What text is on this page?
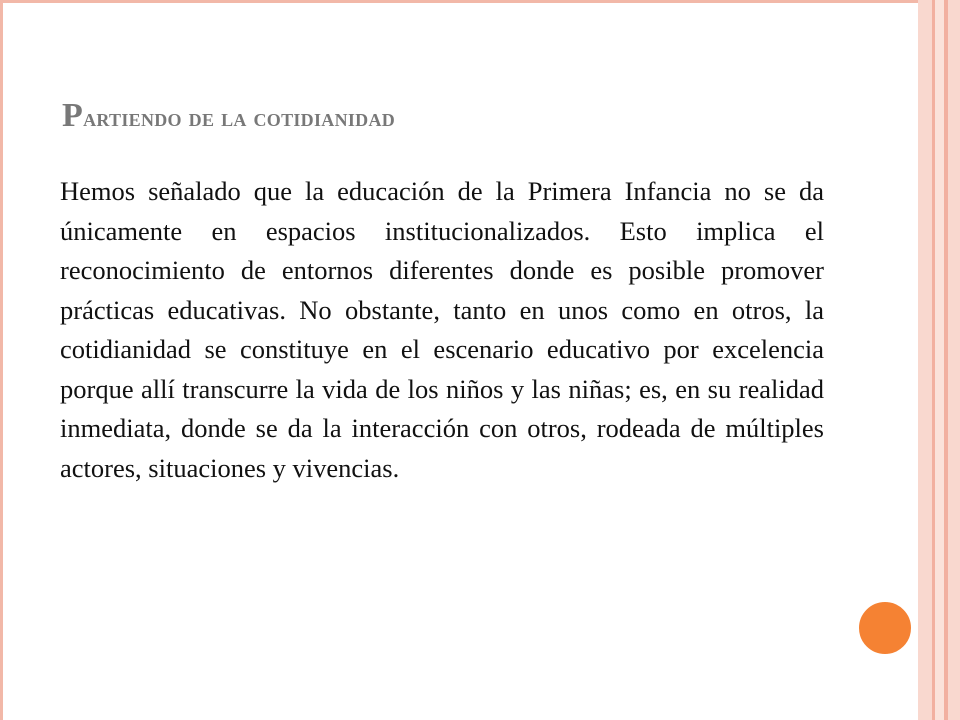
Partiendo de la cotidianidad

Hemos señalado que la educación de la Primera Infancia no se da únicamente en espacios institucionalizados. Esto implica el reconocimiento de entornos diferentes donde es posible promover prácticas educativas. No obstante, tanto en unos como en otros, la cotidianidad se constituye en el escenario educativo por excelencia porque allí transcurre la vida de los niños y las niñas; es, en su realidad inmediata, donde se da la interacción con otros, rodeada de múltiples actores, situaciones y vivencias.
